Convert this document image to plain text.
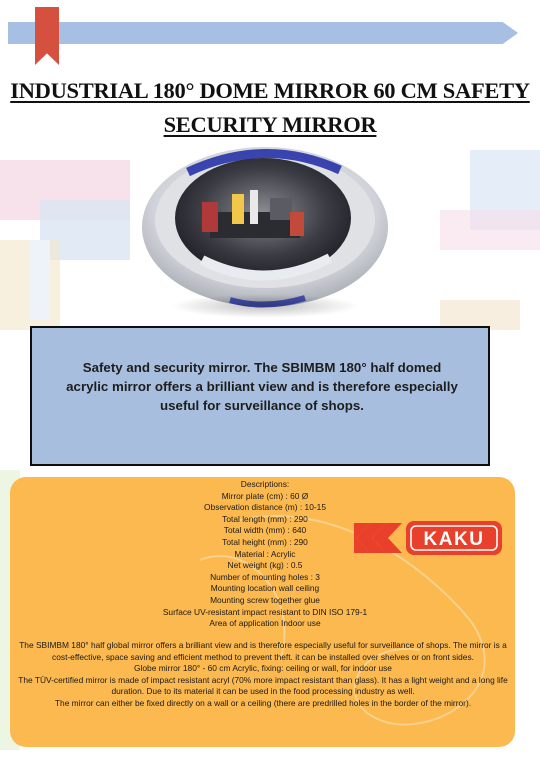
INDUSTRIAL 180° DOME MIRROR 60 CM SAFETY
SECURITY MIRROR

Safety and security mirror. The SBIMBM 180° half domed acrylic mirror offers a brilliant view and is therefore especially useful for surveillance of shops.

Descriptions:
Mirror plate (cm) : 60 Ø
Observation distance (m) : 10-15
Total length (mm) : 290
Total width (mm) : 640
Total height (mm) : 290
Material : Acrylic
Net weight (kg) : 0.5
Number of mounting holes : 3
Mounting location wall ceiling
Mounting screw together glue
Surface UV-resistant impact resistant to DIN ISO 179-1
Area of application Indoor use
KAKU
The SBIMBM 180° half global mirror offers a brilliant view and is therefore especially useful for surveillance of shops. The mirror is a cost-effective, space saving and efficient method to prevent theft. it can be installed over shelves or on front sides.
Globe mirror 180° - 60 cm Acrylic, fixing: ceiling or wall, for indoor use
The TÜV-certified mirror is made of impact resistant acryl (70% more impact resistant than glass). It has a light weight and a long life duration. Due to its material it can be used in the food processing industry as well.
The mirror can either be fixed directly on a wall or a ceiling (there are predrilled holes in the border of the mirror).
